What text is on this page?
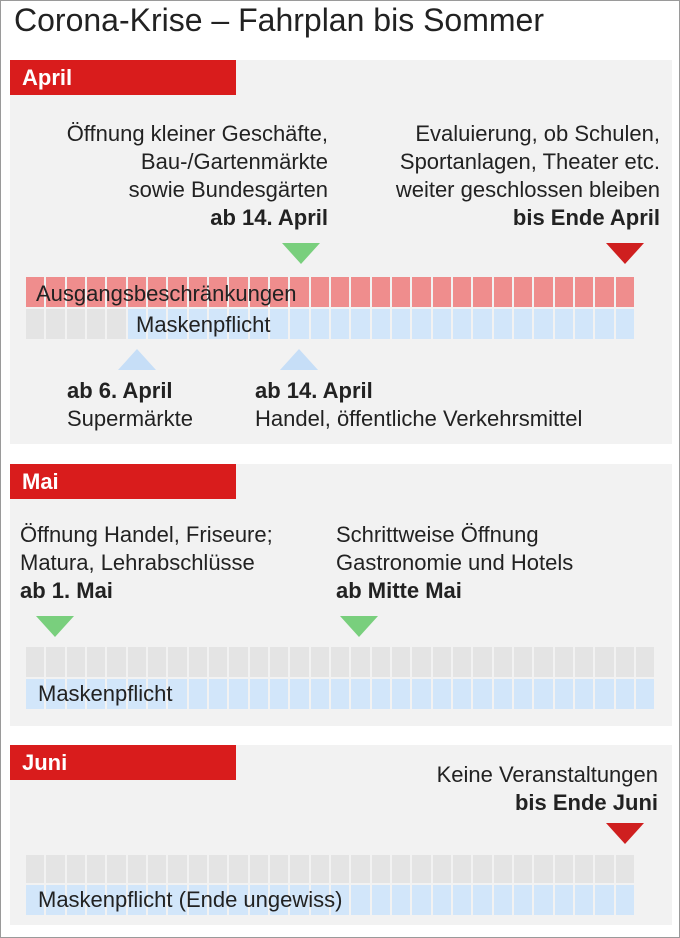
Corona-Krise – Fahrplan bis Sommer
April
Öffnung kleiner Geschäfte,
Bau-/Gartenmärkte
sowie Bundesgärten
ab 14. April
Evaluierung, ob Schulen,
Sportanlagen, Theater etc.
weiter geschlossen bleiben
bis Ende April
Ausgangsbeschränkungen
Maskenpflicht
ab 6. April
Supermärkte
ab 14. April
Handel, öffentliche Verkehrsmittel
Mai
Öffnung Handel, Friseure;
Matura, Lehrabschlüsse
ab 1. Mai
Schrittweise Öffnung
Gastronomie und Hotels
ab Mitte Mai
Maskenpflicht
Juni	Keine Veranstaltungen
bis Ende Juni
Maskenpflicht (Ende ungewiss)
